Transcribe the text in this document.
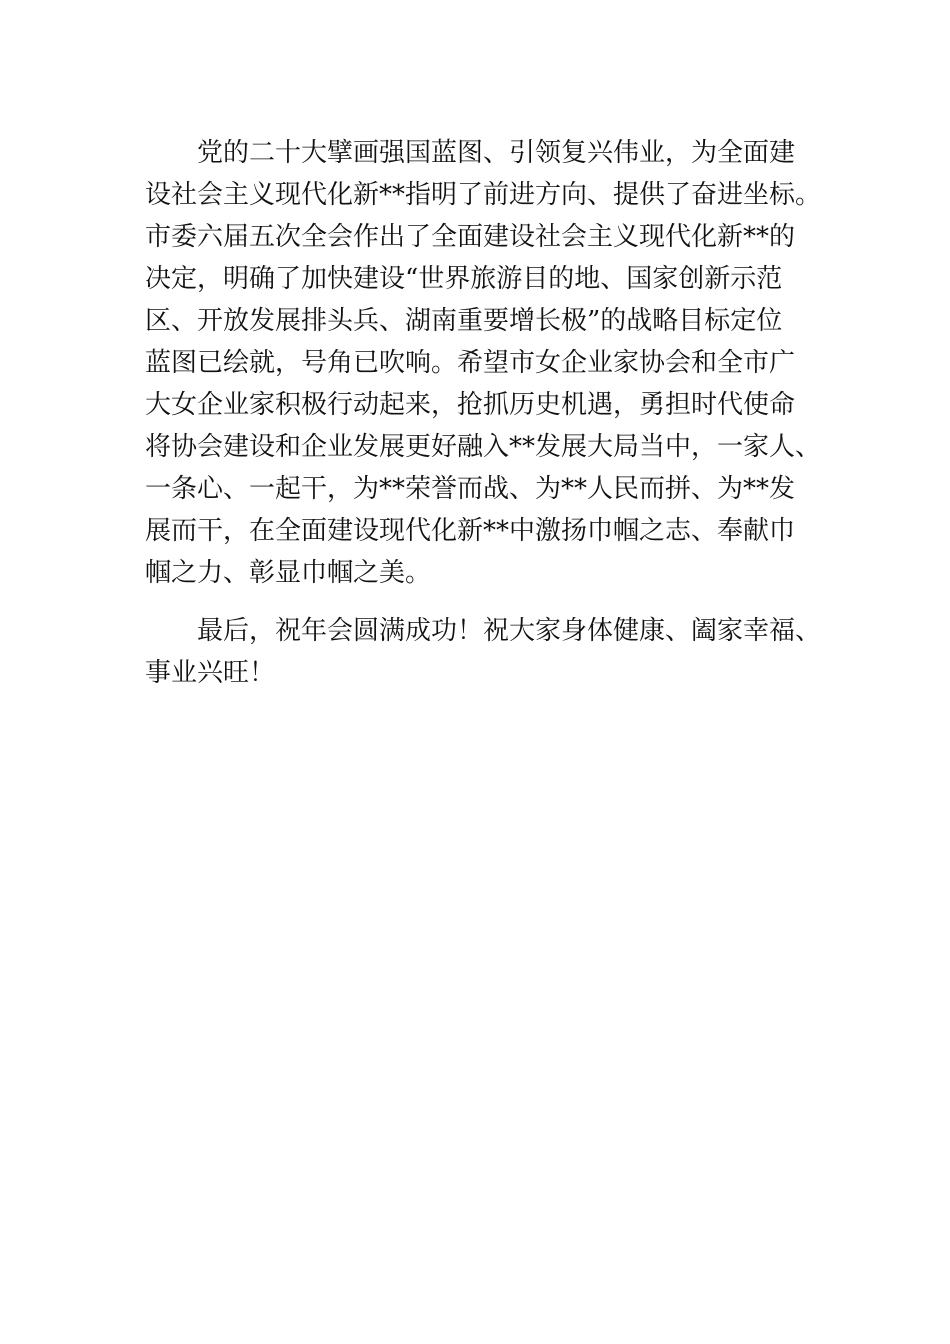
党的二十大擘画强国蓝图、引领复兴伟业，为全面建
设社会主义现代化新**指明了前进方向、提供了奋进坐标。
市委六届五次全会作出了全面建设社会主义现代化新**的
决定，明确了加快建设“世界旅游目的地、国家创新示范
区、开放发展排头兵、湖南重要增长极”的战略目标定位
蓝图已绘就，号角已吹响。希望市女企业家协会和全市广
大女企业家积极行动起来，抢抓历史机遇，勇担时代使命
将协会建设和企业发展更好融入**发展大局当中，一家人、
一条心、一起干，为**荣誉而战、为**人民而拼、为**发
展而干，在全面建设现代化新**中激扬巾帼之志、奉献巾
帼之力、彰显巾帼之美。
最后，祝年会圆满成功！祝大家身体健康、阖家幸福、
事业兴旺！
